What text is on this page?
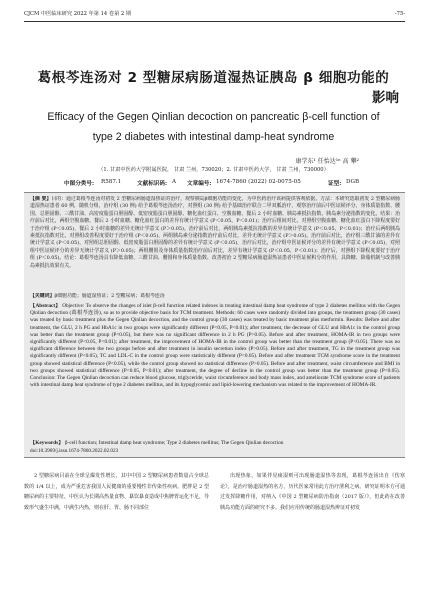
CJCM 中医临床研究 2022 年第 14 卷第 2 期	-75-
葛根芩连汤对 2 型糖尿病肠道湿热证胰岛 β 细胞功能的
影响
Efficacy of the Gegen Qinlian decoction on pancreatic β-cell function of
type 2 diabetes with intestinal damp-heat syndrome
康学东¹ 任怡达¹ⁿ 高 攀²
（1. 甘肃中医药大学附属医院， 甘肃 兰州，730020；2. 甘肃中医药大学， 甘肃 兰州，730000）
中图分类号: R587.1	文献标识码: A 文章编号: 1674-7860 (2022) 02-0075-05	证型: DGB

【摘 要】目的：通过葛根芩连汤对初发 2 型糖尿病肠道湿热证的治疗，观察胰岛β细胞功能的变化，为中医药治疗该病提供客观依据。方法：本研究选取初发 2 型糖尿病肠道湿热证患者 60 例，随机分组，治疗组 (30 例) 给予葛根芩连汤治疗，对照组 (30 例) 给予基础治疗联合二甲双胍治疗，观察治疗前后中医证候评分、身体质量指数、腰围、总胆固醇、三酰甘油、高密度脂蛋白胆固醇、低密度脂蛋白胆固醇、糖化血红蛋白、空腹血糖、餐后 2 小时血糖、胰岛素抵抗指数、胰岛素分泌指数的变化。结果：治疗前后对比，两组空腹血糖、餐后 2 小时血糖、糖化血红蛋白的差异有统计学意义 (P＜0.05，P＜0.01)；治疗后组间对比，对照组空腹血糖、糖化血红蛋白下降程度要好于治疗组 (P＜0.05)，餐后 2 小时血糖的差异无统计学意义 (P＞0.05)。治疗前后对比，两组胰岛素抵抗指数的差异有统计学意义 (P＜0.05，P＜0.01)；治疗后两组胰岛素抵抗指数对比，对照组改善程度要好于治疗组 (P＜0.05)，两组胰岛素分泌指数治疗前后对比，差异无统计学意义 (P＞0.05)。治疗前后对比，治疗组三酰甘油的差异有统计学意义 (P＜0.05)，对照组总胆固醇、低密度脂蛋白胆固醇的差异有统计学意义 (P＜0.05)，治疗后对比，治疗组中医证候评分的差异有统计学意义 (P＜0.05)，对照组中医证候评分的差异无统计学意义 (P＞0.05)；两组腰围及身体质量指数治疗前后对比，差异有统计学意义 (P＜0.05，P＜0.01)；治疗后，对照组下降程度要好于治疗组 (P＜0.05)。结论：葛根芩连汤具有降低血糖、三酰甘油、腰围和身体质量指数、改善初治 2 型糖尿病肠道湿热证患者中医证候积分的作用，具降糖、降脂机制与改善胰岛素抵抗效果有关。

【关键词】β细胞功能；肠道湿热证；2 型糖尿病；葛根芩连汤

【Abstract】 Objective: To observe the changes of islet β-cell function related indexes in treating intestinal damp heat syndrome of type 2 diabetes mellitus with the Gegen Qinlian decoction (葛根芩连汤), so as to provide objective basis for TCM treatment. Methods: 60 cases were randomly divided into groups, the treatment group (30 cases) was treated by basic treatment plus the Gegen Qinlian decoction, and the control group (30 cases) was treated by basic treatment plus metformin. Results: Before and after treatment, the GLU, 2 h PG and HbA1c in two groups were significantly different (P<0.05, P<0.01); after treatment, the decrease of GLU and HbA1c in the control group was better than the treatment group (P<0.05), but there was no significant difference in 2 h PG (P>0.05). Before and after treatment, HOMA-IR in two groups were significantly different (P<0.05, P<0.01); after treatment, the improvement of HOMA-IR in the control group was better than the treatment group (P<0.05). There was no significant difference between the two groups before and after treatment in insulin secretion index (P>0.05). Before and after treatment, TG in the treatment group was significantly different (P<0.05), TC and LDL-C in the control group were statistically different (P<0.05). Before and after treatment TCM syndrome score in the treatment group showed statistical difference (P<0.05), while the control group showed no statistical difference (P>0.05). Before and after treatment, waist circumference and BMI in two groups showed statistical difference (P<0.05, P<0.01); after treatment, the degree of decline in the control group was better than the treatment group (P<0.05). Conclusion: The Gegen Qinlian decoction can reduce blood glucose, triglyceride, waist circumference and body mass index, and ameliorate TCM syndrome score of patients with intestinal damp heat syndrome of type 2 diabetes mellitus, and its hypoglycemic and lipid-lowering mechanism was related to the improvement of HOMA-IR.

【Keywords】 β-cell function; Intestinal damp heat syndrome; Type 2 diabetes mellitus; The Gegen Qinlian decoction

doi:10.3969/j.issn.1674-7860.2022.02.023

2 型糖尿病目前在全球呈爆发性增长，其中中国 2 型糖尿病患者数量占全球总数的 1/4 以上，成为严重危害我国人民健康的重要慢性非传染性疾病。肥胖是 2 型糖尿病的主要特征，中医认为长期高热量食物、暴饮暴食造成中焦脾胃运化不足，导致形气盛生中满，中满生内热，则在肝、胃、肠不同部位

出现热象，如果伴见痰湿则可出现肠道湿热等表现，葛根芩连汤出自《伤寒论》，是治疗肠道湿热的名方，历代医家常用此方治疗泄利之病。研究证明本方可通过发挥降糖作用，对纳入《中国 2 型糖尿病防治指南（2017 版）》，但此药在改善胰岛功能方面的研究不多。我们应用传统的肠道湿热辨证对初发
